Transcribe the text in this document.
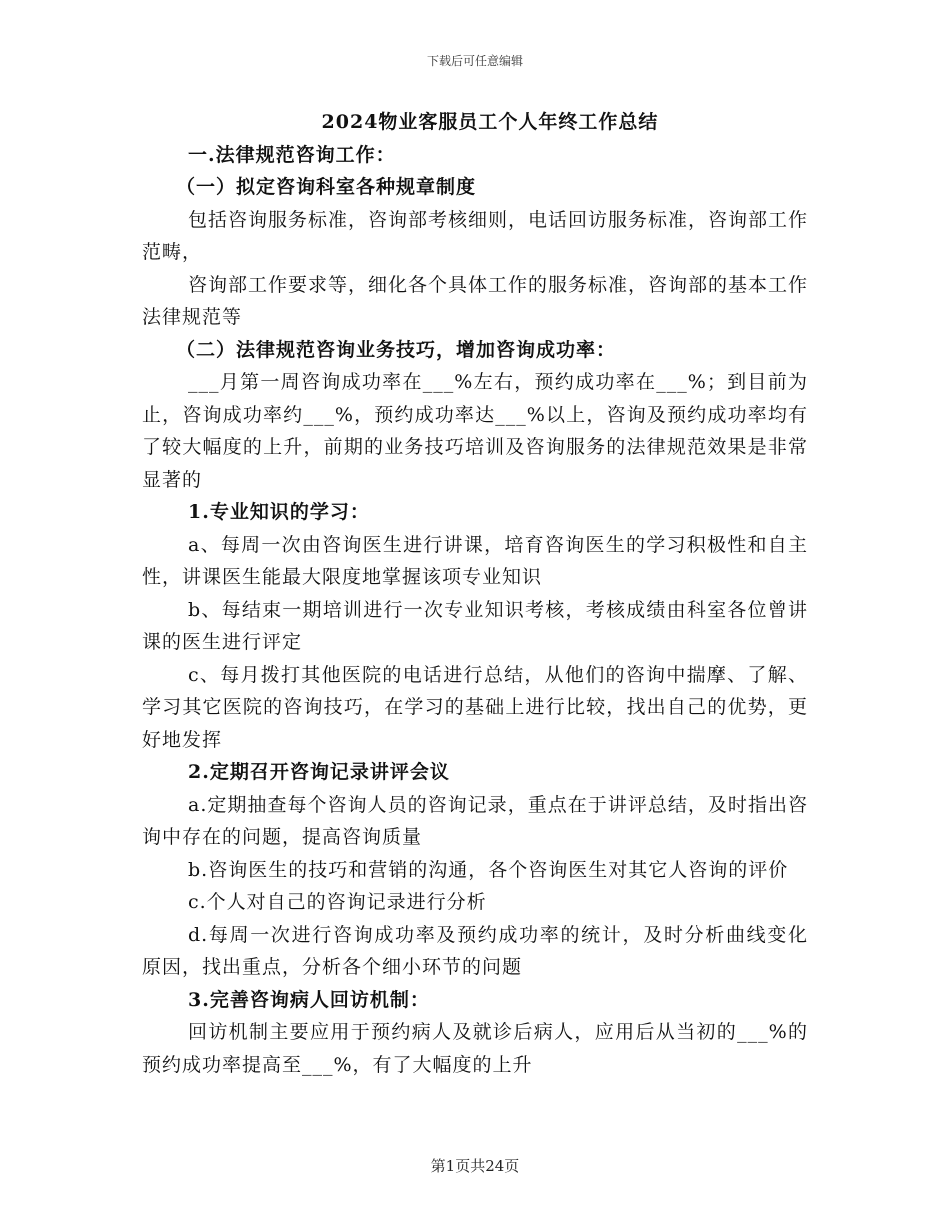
下载后可任意编辑
2024物业客服员工个人年终工作总结
一.法律规范咨询工作：
（一）拟定咨询科室各种规章制度
包括咨询服务标准，咨询部考核细则，电话回访服务标准，咨询部工作范畴，
咨询部工作要求等，细化各个具体工作的服务标准，咨询部的基本工作法律规范等
（二）法律规范咨询业务技巧，增加咨询成功率：
___月第一周咨询成功率在___%左右，预约成功率在___%；到目前为止，咨询成功率约___%，预约成功率达___%以上，咨询及预约成功率均有了较大幅度的上升，前期的业务技巧培训及咨询服务的法律规范效果是非常显著的
1.专业知识的学习：
a、每周一次由咨询医生进行讲课，培育咨询医生的学习积极性和自主性，讲课医生能最大限度地掌握该项专业知识
b、每结束一期培训进行一次专业知识考核，考核成绩由科室各位曾讲课的医生进行评定
c、每月拨打其他医院的电话进行总结，从他们的咨询中揣摩、了解、学习其它医院的咨询技巧，在学习的基础上进行比较，找出自己的优势，更好地发挥
2.定期召开咨询记录讲评会议
a.定期抽查每个咨询人员的咨询记录，重点在于讲评总结，及时指出咨询中存在的问题，提高咨询质量
b.咨询医生的技巧和营销的沟通，各个咨询医生对其它人咨询的评价
c.个人对自己的咨询记录进行分析
d.每周一次进行咨询成功率及预约成功率的统计，及时分析曲线变化原因，找出重点，分析各个细小环节的问题
3.完善咨询病人回访机制：
回访机制主要应用于预约病人及就诊后病人，应用后从当初的___%的预约成功率提高至___%，有了大幅度的上升
第1页共24页
